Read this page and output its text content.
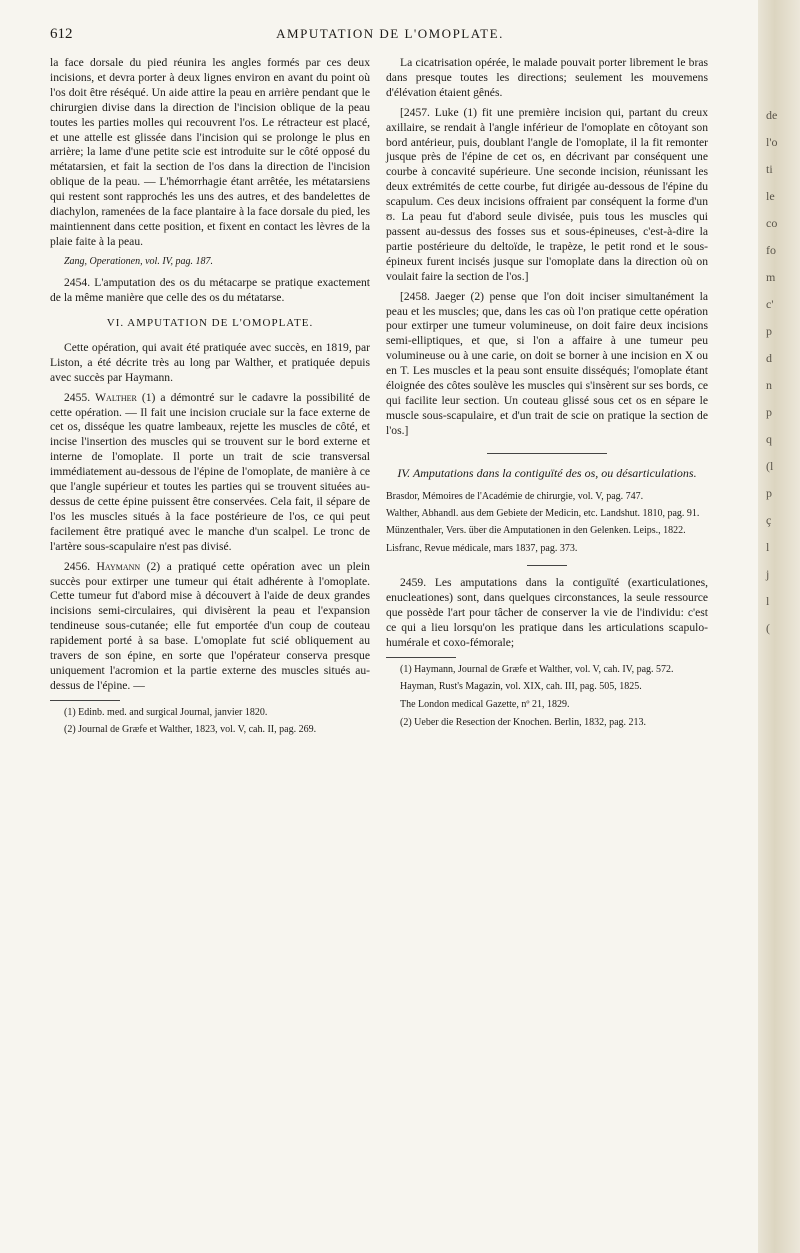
612	AMPUTATION DE L'OMOPLATE.

la face dorsale du pied réunira les angles formés par ces deux incisions, et devra porter à deux lignes environ en avant du point où l'os doit être réséqué. Un aide attire la peau en arrière pendant que le chirurgien divise dans la direction de l'incision oblique de la peau toutes les parties molles qui recouvrent l'os. Le rétracteur est placé, et une attelle est glissée dans l'incision qui se prolonge le plus en arrière; la lame d'une petite scie est introduite sur le côté opposé du métatarsien, et fait la section de l'os dans la direction de l'incision oblique de la peau. — L'hémorrhagie étant arrêtée, les métatarsiens qui restent sont rapprochés les uns des autres, et des bandelettes de diachylon, ramenées de la face plantaire à la face dorsale du pied, les maintiennent dans cette position, et fixent en contact les lèvres de la plaie faite à la peau.

Zang, Operationen, vol. IV, pag. 187.

2454. L'amputation des os du métacarpe se pratique exactement de la même manière que celle des os du métatarse.

VI. AMPUTATION DE L'OMOPLATE.

Cette opération, qui avait été pratiquée avec succès, en 1819, par Liston, a été décrite très au long par Walther, et pratiquée depuis avec succès par Haymann.

2455. Walther (1) a démontré sur le cadavre la possibilité de cette opération. — Il fait une incision cruciale sur la face externe de cet os, disséque les quatre lambeaux, rejette les muscles de côté, et incise l'insertion des muscles qui se trouvent sur le bord externe et interne de l'omoplate. Il porte un trait de scie transversal immédiatement au-dessous de l'épine de l'omoplate, de manière à ce que l'angle supérieur et toutes les parties qui se trouvent situées au-dessus de cette épine puissent être conservées. Cela fait, il sépare de l'os les muscles situés à la face postérieure de l'os, ce qui peut facilement être pratiqué avec le manche d'un scalpel. Le tronc de l'artère sous-scapulaire n'est pas divisé.

2456. Haymann (2) a pratiqué cette opération avec un plein succès pour extirper une tumeur qui était adhérente à l'omoplate. Cette tumeur fut d'abord mise à découvert à l'aide de deux grandes incisions semi-circulaires, qui divisèrent la peau et l'expansion tendineuse sous-cutanée; elle fut emportée d'un coup de couteau rapidement porté à sa base. L'omoplate fut scié obliquement au travers de son épine, en sorte que l'opérateur conserva presque uniquement l'acromion et la partie externe des muscles situés au-dessus de l'épine. —

(1) Edinb. med. and surgical Journal, janvier 1820.

(2) Journal de Græfe et Walther, 1823, vol. V, cah. II, pag. 269.

La cicatrisation opérée, le malade pouvait porter librement le bras dans presque toutes les directions; seulement les mouvemens d'élévation étaient gênés.

[2457. Luke (1) fit une première incision qui, partant du creux axillaire, se rendait à l'angle inférieur de l'omoplate en côtoyant son bord antérieur, puis, doublant l'angle de l'omoplate, il la fit remonter jusque près de l'épine de cet os, en décrivant par conséquent une courbe à concavité supérieure. Une seconde incision, réunissant les deux extrémités de cette courbe, fut dirigée au-dessous de l'épine du scapulum. Ces deux incisions offraient par conséquent la forme d'un ʊ. La peau fut d'abord seule divisée, puis tous les muscles qui passent au-dessus des fosses sus et sous-épineuses, c'est-à-dire la partie postérieure du deltoïde, le trapèze, le petit rond et le sous-épineux furent incisés jusque sur l'omoplate dans la direction où on voulait faire la section de l'os.]

[2458. Jaeger (2) pense que l'on doit inciser simultanément la peau et les muscles; que, dans les cas où l'on pratique cette opération pour extirper une tumeur volumineuse, on doit faire deux incisions semi-elliptiques, et que, si l'on a affaire à une tumeur peu volumineuse ou à une carie, on doit se borner à une incision en X ou en T. Les muscles et la peau sont ensuite disséqués; l'omoplate étant éloignée des côtes soulève les muscles qui s'insèrent sur ses bords, ce qui facilite leur section. Un couteau glissé sous cet os en sépare le muscle sous-scapulaire, et d'un trait de scie on pratique la section de l'os.]

IV. Amputations dans la contiguïté des os, ou désarticulations.

Brasdor, Mémoires de l'Académie de chirurgie, vol. V, pag. 747.

Walther, Abhandl. aus dem Gebiete der Medicin, etc. Landshut. 1810, pag. 91.

Münzenthaler, Vers. über die Amputationen in den Gelenken. Leips., 1822.

Lisfranc, Revue médicale, mars 1837, pag. 373.

2459. Les amputations dans la contiguïté (exarticulationes, enucleationes) sont, dans quelques circonstances, la seule ressource que possède l'art pour tâcher de conserver la vie de l'individu: c'est ce qui a lieu lorsqu'on les pratique dans les articulations scapulo-humérale et coxo-fémorale;

(1) Haymann, Journal de Græfe et Walther, vol. V, cah. IV, pag. 572.

Hayman, Rust's Magazin, vol. XIX, cah. III, pag. 505, 1825.

The London medical Gazette, nº 21, 1829.

(2) Ueber die Resection der Knochen. Berlin, 1832, pag. 213.

de
l'o
ti
le
co
fo
m
c'
p
d
n
p
q
(l
p
ç
l
j
l
(
